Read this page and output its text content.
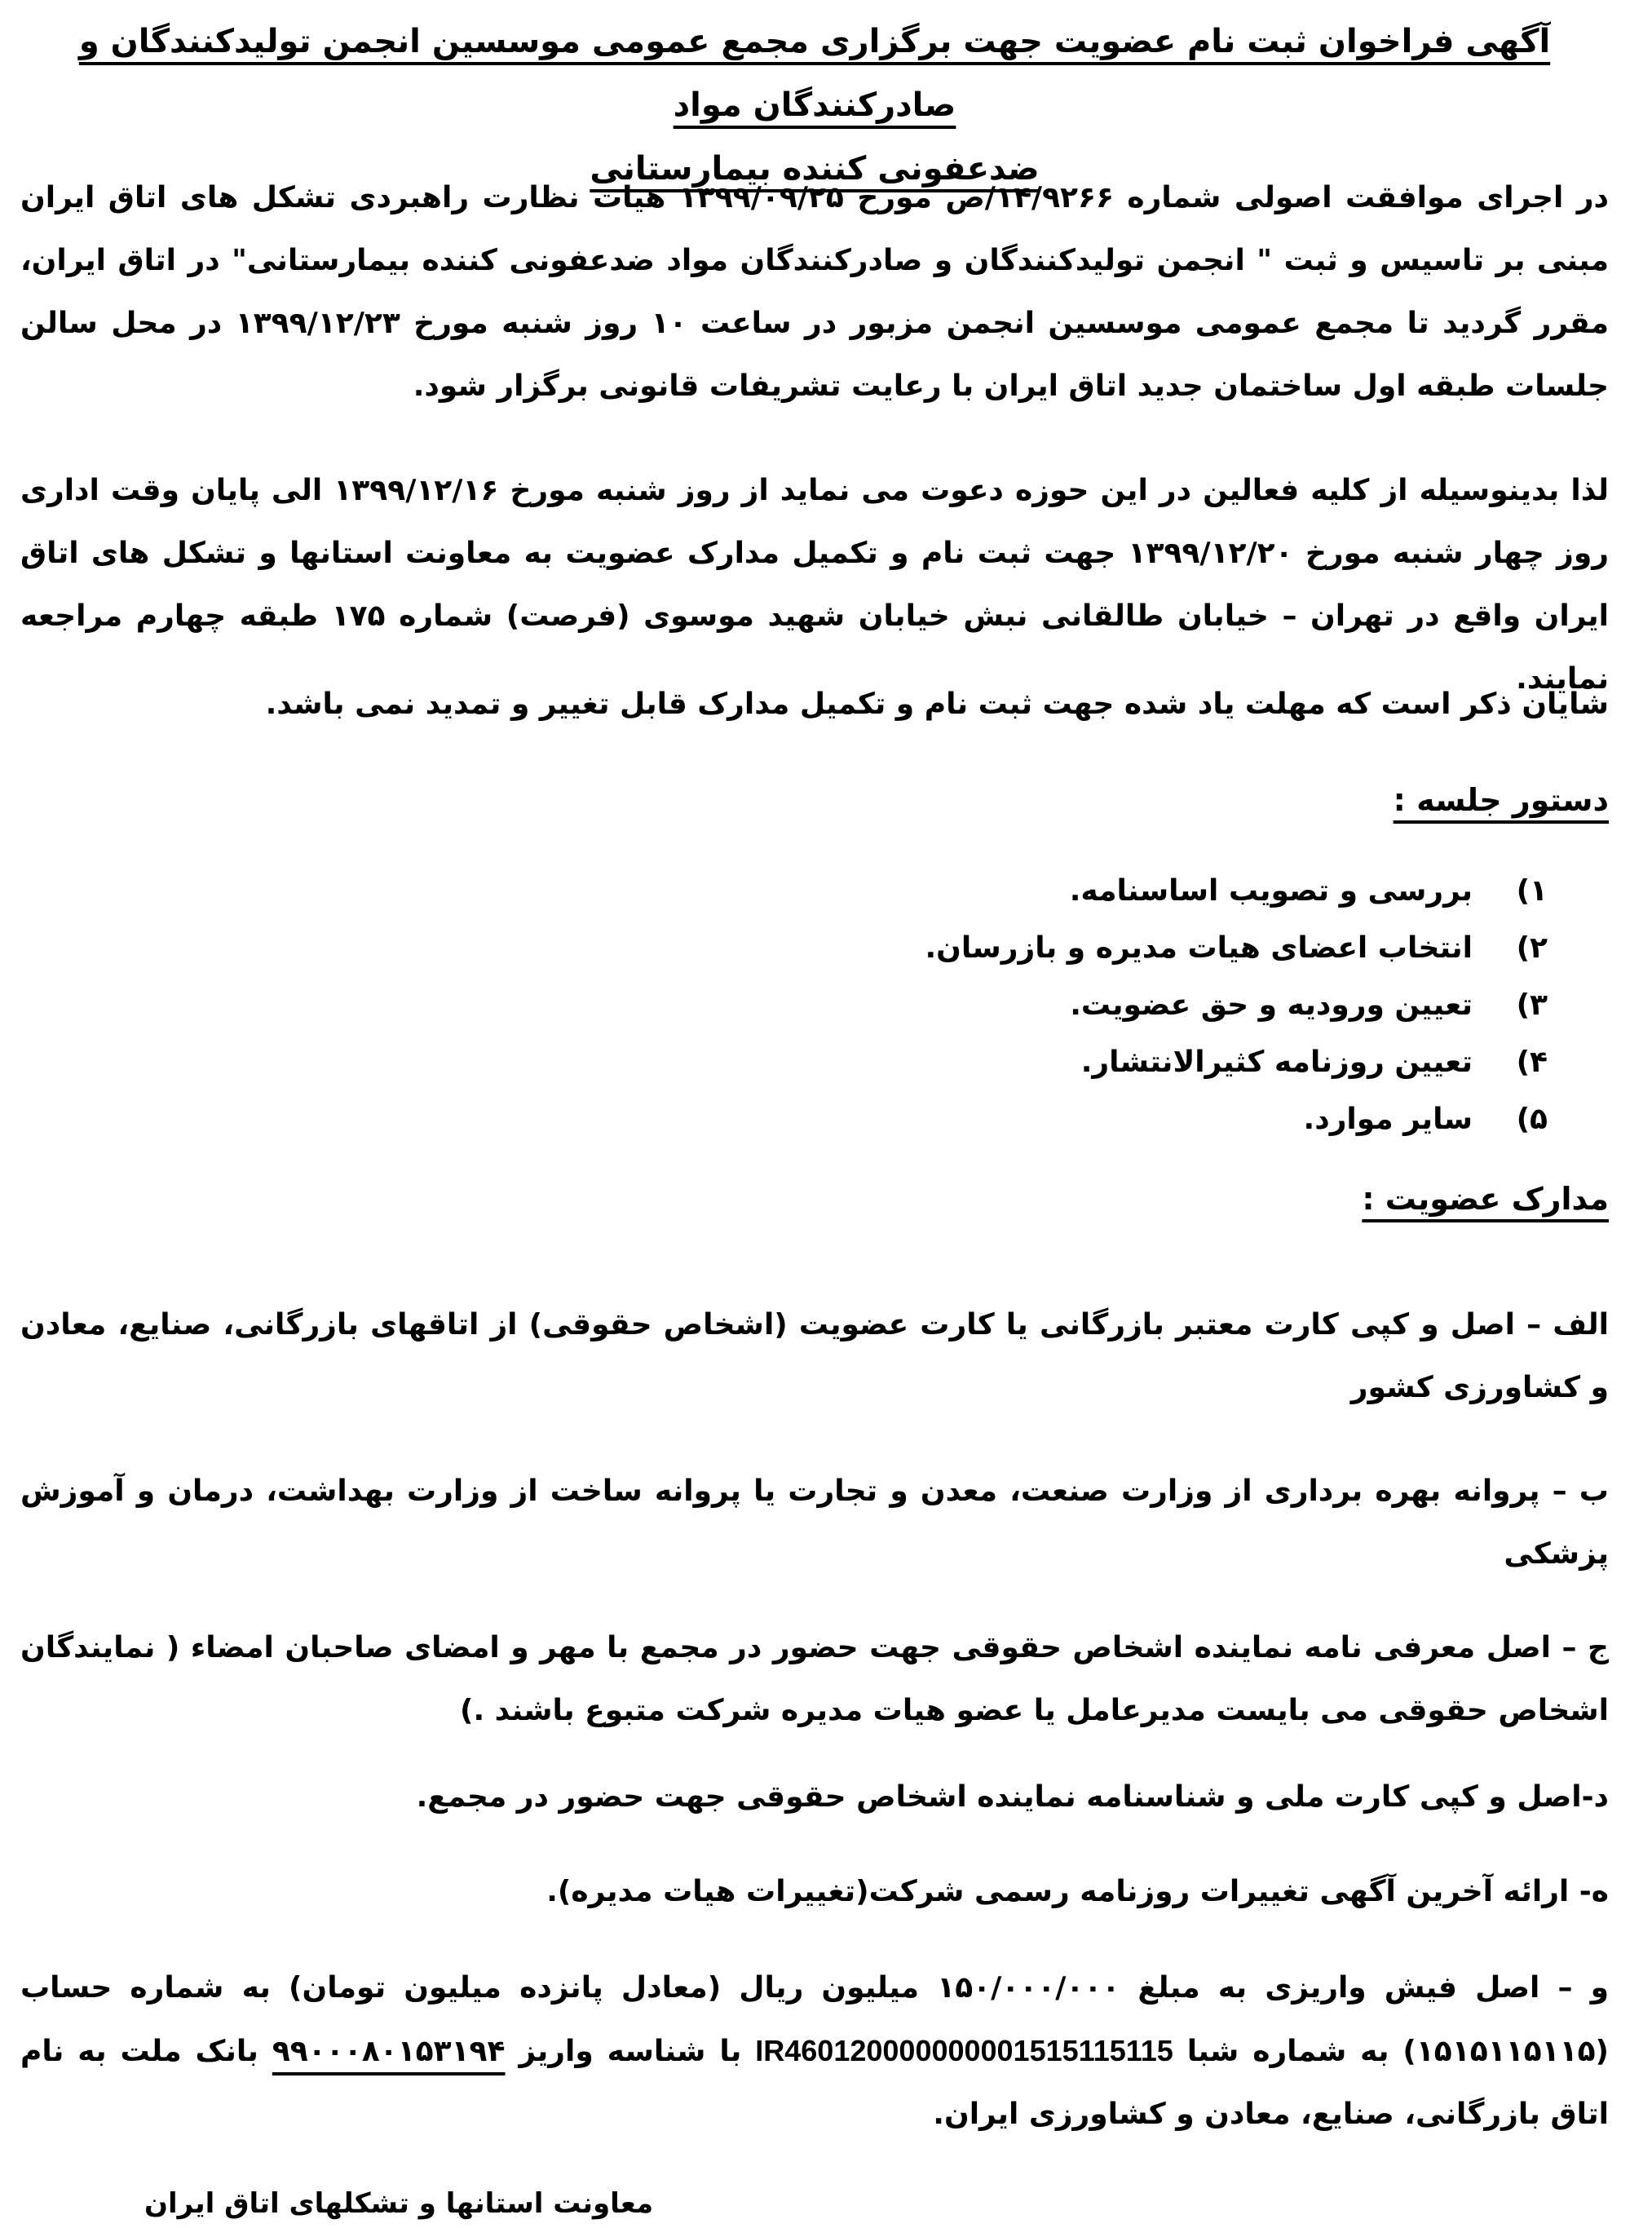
آگهی فراخوان ثبت نام عضویت جهت برگزاری مجمع عمومی موسسین انجمن تولیدکنندگان و صادرکنندگان مواد
ضدعفونی کننده بیمارستانی
در اجرای موافقت اصولی شماره ۱۴/۹۲۶۶/ص مورخ ۱۳۹۹/۰۹/۲۵ هیات نظارت راهبردی تشکل های اتاق ایران مبنی بر تاسیس و ثبت " انجمن تولیدکنندگان و صادرکنندگان مواد ضدعفونی کننده بیمارستانی" در اتاق ایران، مقرر گردید تا مجمع عمومی موسسین انجمن مزبور در ساعت ۱۰ روز شنبه مورخ ۱۳۹۹/۱۲/۲۳ در محل سالن جلسات طبقه اول ساختمان جدید اتاق ایران با رعایت تشریفات قانونی برگزار شود.
لذا بدینوسیله از کلیه فعالین در این حوزه دعوت می نماید از روز شنبه مورخ ۱۳۹۹/۱۲/۱۶ الی پایان وقت اداری روز چهار شنبه مورخ ۱۳۹۹/۱۲/۲۰ جهت ثبت نام و تکمیل مدارک عضویت به معاونت استانها و تشکل های اتاق ایران واقع در تهران – خیابان طالقانی نبش خیابان شهید موسوی (فرصت) شماره ۱۷۵ طبقه چهارم مراجعه نمایند.
شایان ذکر است که مهلت یاد شده جهت ثبت نام و تکمیل مدارک قابل تغییر و تمدید نمی باشد.
دستور جلسه :
۱)
بررسی و تصویب اساسنامه.
۲)
انتخاب اعضای هیات مدیره و بازرسان.
۳)
تعیین ورودیه و حق عضویت.
۴)
تعیین روزنامه کثیرالانتشار.
۵)
سایر موارد.
مدارک عضویت :
الف – اصل و کپی کارت معتبر بازرگانی یا کارت عضویت (اشخاص حقوقی) از اتاقهای بازرگانی، صنایع، معادن و کشاورزی کشور
ب – پروانه بهره برداری از وزارت صنعت، معدن و تجارت یا پروانه ساخت از وزارت بهداشت، درمان و آموزش پزشکی
ج – اصل معرفی نامه نماینده اشخاص حقوقی جهت حضور در مجمع با مهر و امضای صاحبان امضاء ( نمایندگان اشخاص حقوقی می بایست مدیرعامل یا عضو هیات مدیره شرکت متبوع باشند .)
د-اصل و کپی کارت ملی و شناسنامه نماینده اشخاص حقوقی جهت حضور در مجمع.
ه- ارائه آخرین آگهی تغییرات روزنامه رسمی شرکت(تغییرات هیات مدیره).
و – اصل فیش واریزی به مبلغ ۱۵۰/۰۰۰/۰۰۰ میلیون ریال (معادل پانزده میلیون تومان) به شماره حساب (۱۵۱۵۱۱۵۱۱۵) به شماره شبا IR460120000000001515115115 با شناسه واریز ۹۹۰۰۰۸۰۱۵۳۱۹۴ بانک ملت به نام اتاق بازرگانی، صنایع، معادن و کشاورزی ایران.
معاونت استانها و تشکلهای اتاق ایران
